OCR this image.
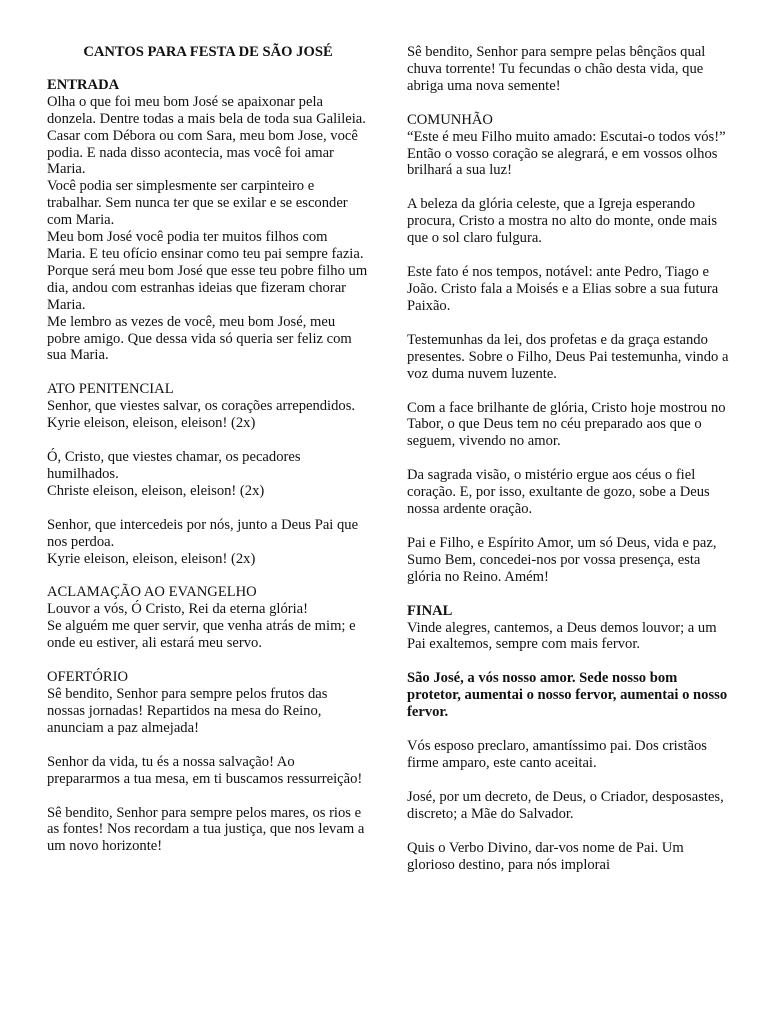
CANTOS PARA FESTA DE SÃO JOSÉ
ENTRADA
Olha o que foi meu bom José se apaixonar pela donzela. Dentre todas a mais bela de toda sua Galileia. Casar com Débora ou com Sara, meu bom Jose, você podia. E nada disso acontecia, mas você foi amar Maria.
Você podia ser simplesmente ser carpinteiro e trabalhar. Sem nunca ter que se exilar e se esconder com Maria.
Meu bom José você podia ter muitos filhos com Maria. E teu ofício ensinar como teu pai sempre fazia. Porque será meu bom José que esse teu pobre filho um dia, andou com estranhas ideias que fizeram chorar Maria.
Me lembro as vezes de você, meu bom José, meu pobre amigo. Que dessa vida só queria ser feliz com sua Maria.
ATO PENITENCIAL
Senhor, que viestes salvar, os corações arrependidos.
Kyrie eleison, eleison, eleison! (2x)
Ó, Cristo, que viestes chamar, os pecadores humilhados.
Christe eleison, eleison, eleison! (2x)
Senhor, que intercedeis por nós, junto a Deus Pai que nos perdoa.
Kyrie eleison, eleison, eleison! (2x)
ACLAMAÇÃO AO EVANGELHO
Louvor a vós, Ó Cristo, Rei da eterna glória!
Se alguém me quer servir, que venha atrás de mim; e onde eu estiver, ali estará meu servo.
OFERTÓRIO
Sê bendito, Senhor para sempre pelos frutos das nossas jornadas! Repartidos na mesa do Reino, anunciam a paz almejada!
Senhor da vida, tu és a nossa salvação! Ao prepararmos a tua mesa, em ti buscamos ressurreição!
Sê bendito, Senhor para sempre pelos mares, os rios e as fontes! Nos recordam a tua justiça, que nos levam a um novo horizonte!
Sê bendito, Senhor para sempre pelas bênçãos qual chuva torrente! Tu fecundas o chão desta vida, que abriga uma nova semente!
COMUNHÃO
“Este é meu Filho muito amado: Escutai-o todos vós!” Então o vosso coração se alegrará, e em vossos olhos brilhará a sua luz!
A beleza da glória celeste, que a Igreja esperando procura, Cristo a mostra no alto do monte, onde mais que o sol claro fulgura.
Este fato é nos tempos, notável: ante Pedro, Tiago e João. Cristo fala a Moisés e a Elias sobre a sua futura Paixão.
Testemunhas da lei, dos profetas e da graça estando presentes. Sobre o Filho, Deus Pai testemunha, vindo a voz duma nuvem luzente.
Com a face brilhante de glória, Cristo hoje mostrou no Tabor, o que Deus tem no céu preparado aos que o seguem, vivendo no amor.
Da sagrada visão, o mistério ergue aos céus o fiel coração. E, por isso, exultante de gozo, sobe a Deus nossa ardente oração.
Pai e Filho, e Espírito Amor, um só Deus, vida e paz, Sumo Bem, concedei-nos por vossa presença, esta glória no Reino. Amém!
FINAL
Vinde alegres, cantemos, a Deus demos louvor; a um Pai exaltemos, sempre com mais fervor.
São José, a vós nosso amor. Sede nosso bom protetor, aumentai o nosso fervor, aumentai o nosso fervor.
Vós esposo preclaro, amantíssimo pai. Dos cristãos firme amparo, este canto aceitai.
José, por um decreto, de Deus, o Criador, desposastes, discreto; a Mãe do Salvador.
Quis o Verbo Divino, dar-vos nome de Pai. Um glorioso destino, para nós implorai
